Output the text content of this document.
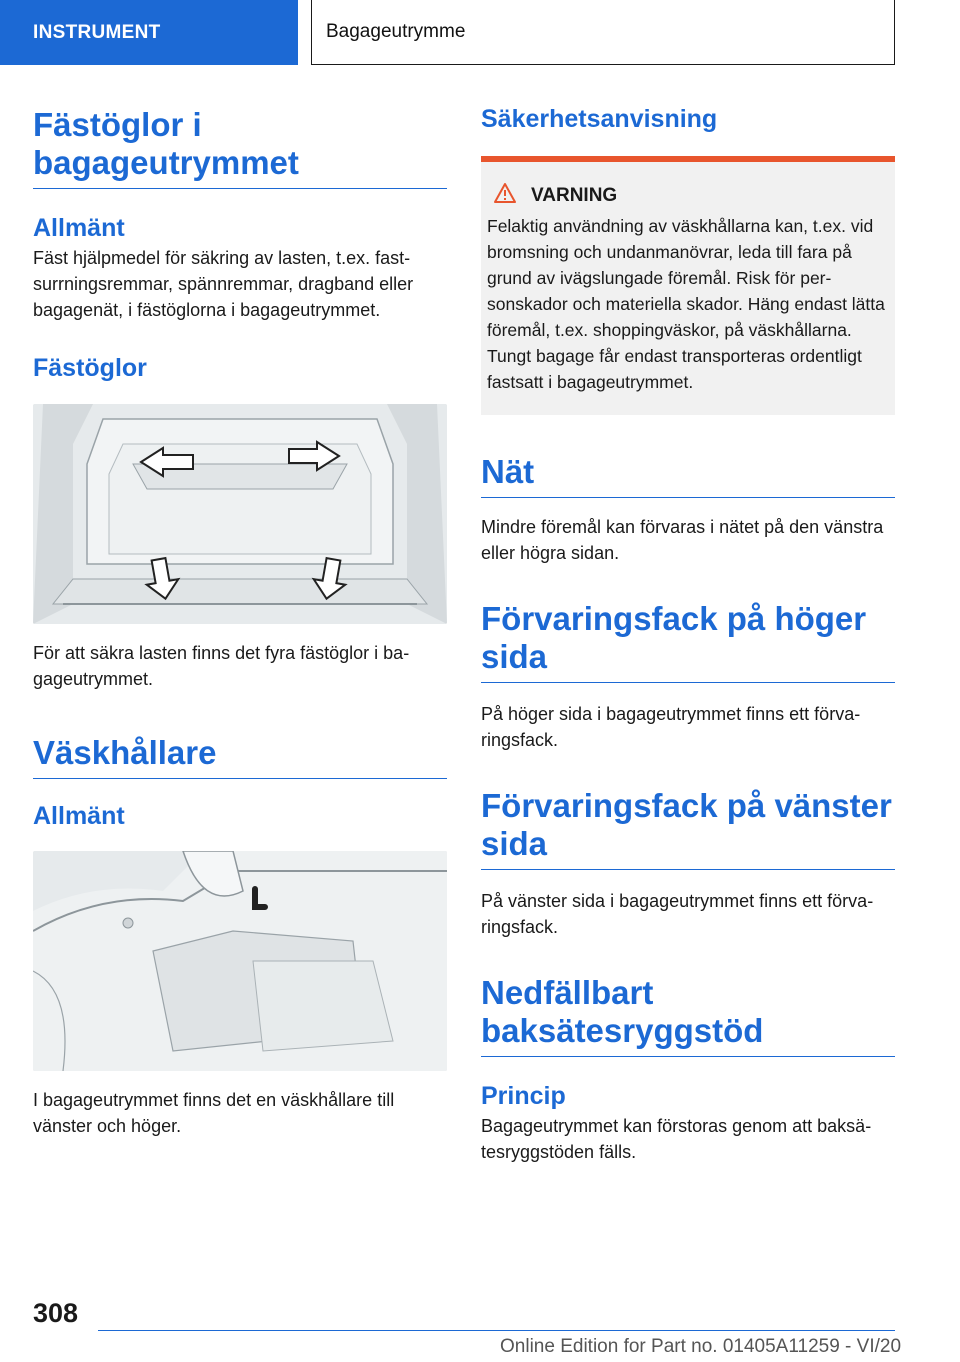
INSTRUMENT	Bagageutrymme
Fästöglor i bagageutrymmet
Allmänt

Fäst hjälpmedel för säkring av lasten, t.ex. fastsurrningsremmar, spännremmar, dragband eller bagagenät, i fästöglorna i bagageutrymmet.

Fästöglor

För att säkra lasten finns det fyra fästöglor i bagageutrymmet.

Väskhållare
Allmänt

I bagageutrymmet finns det en väskhållare till vänster och höger.

Säkerhetsanvisning
VARNING

Felaktig användning av väskhållarna kan, t.ex. vid bromsning och undanmanövrar, leda till fara på grund av ivägslungade föremål. Risk för personskador och materiella skador. Häng endast lätta föremål, t.ex. shoppingväskor, på väskhållarna. Tungt bagage får endast transporteras ordentligt fastsatt i bagageutrymmet.

Nät

Mindre föremål kan förvaras i nätet på den vänstra eller högra sidan.

Förvaringsfack på höger sida

På höger sida i bagageutrymmet finns ett förvaringsfack.

Förvaringsfack på vänster sida

På vänster sida i bagageutrymmet finns ett förvaringsfack.

Nedfällbart baksätesryggstöd
Princip

Bagageutrymmet kan förstoras genom att baksätesryggstöden fälls.

308
Online Edition for Part no. 01405A11259 - VI/20
